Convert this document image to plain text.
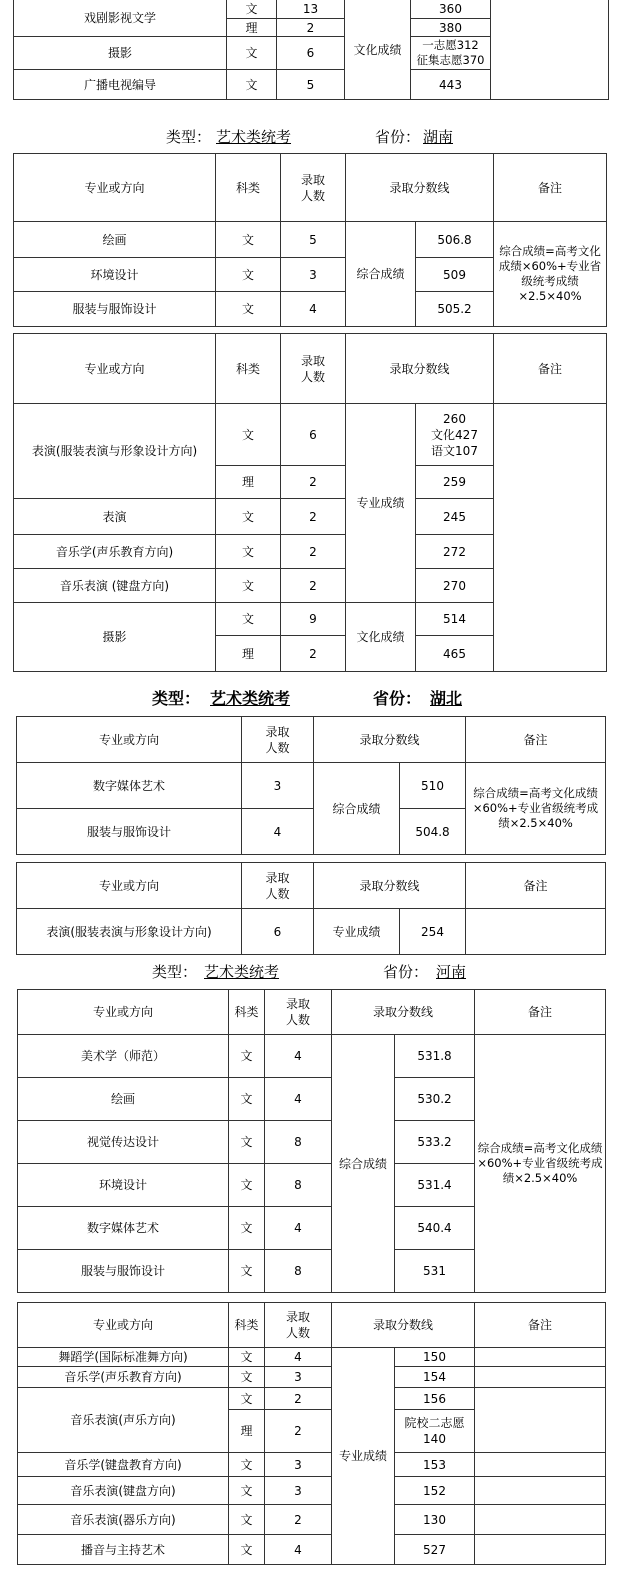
戏剧影视文学	文	13	文化成绩	360	
	理	2		380	
摄影	文	6		一志愿312
征集志愿370	

广播电视编导	文	5		443	
类型： 艺术类统考	省份： 湖南
专业或方向	科类	录取
人数	录取分数线		备注
绘画	文	5	综合成绩	506.8	综合成绩=高考文化成绩×60%+专业省级统考成绩×2.5×40%
环境设计	文	3		509	
服装与服饰设计	文	4		505.2	
专业或方向	科类	录取
人数	录取分数线		备注
表演(服装表演与形象设计方向)	文	6	专业成绩	260
文化427
语文107	

	理	2		259	
表演	文	2		245	
音乐学(声乐教育方向)	文	2		272	
音乐表演 (键盘方向)	文	2		270	
摄影	文	9	文化成绩	514	
	理	2		465	
类型： 艺术类统考	省份： 湖北
专业或方向	录取
人数	录取分数线		备注
数字媒体艺术	3	综合成绩	510	综合成绩=高考文化成绩×60%+专业省级统考成绩×2.5×40%
服装与服饰设计	4		504.8	
专业或方向	录取
人数	录取分数线		备注
表演(服装表演与形象设计方向)	6	专业成绩	254	
类型： 艺术类统考	省份： 河南
专业或方向	科类	录取
人数	录取分数线		备注
美术学（师范）	文	4	综合成绩	531.8	综合成绩=高考文化成绩×60%+专业省级统考成绩×2.5×40%
绘画	文	4		530.2	
视觉传达设计	文	8		533.2	
环境设计	文	8		531.4	
数字媒体艺术	文	4		540.4	
服装与服饰设计	文	8		531	
专业或方向	科类	录取
人数	录取分数线		备注
舞蹈学(国际标准舞方向)	文	4	专业成绩	150	
音乐学(声乐教育方向)	文	3		154	
音乐表演(声乐方向)	文	2		156	
	理	2		院校二志愿
140	

音乐学(键盘教育方向)	文	3		153	
音乐表演(键盘方向)	文	3		152	
音乐表演(器乐方向)	文	2		130	
播音与主持艺术	文	4		527	
